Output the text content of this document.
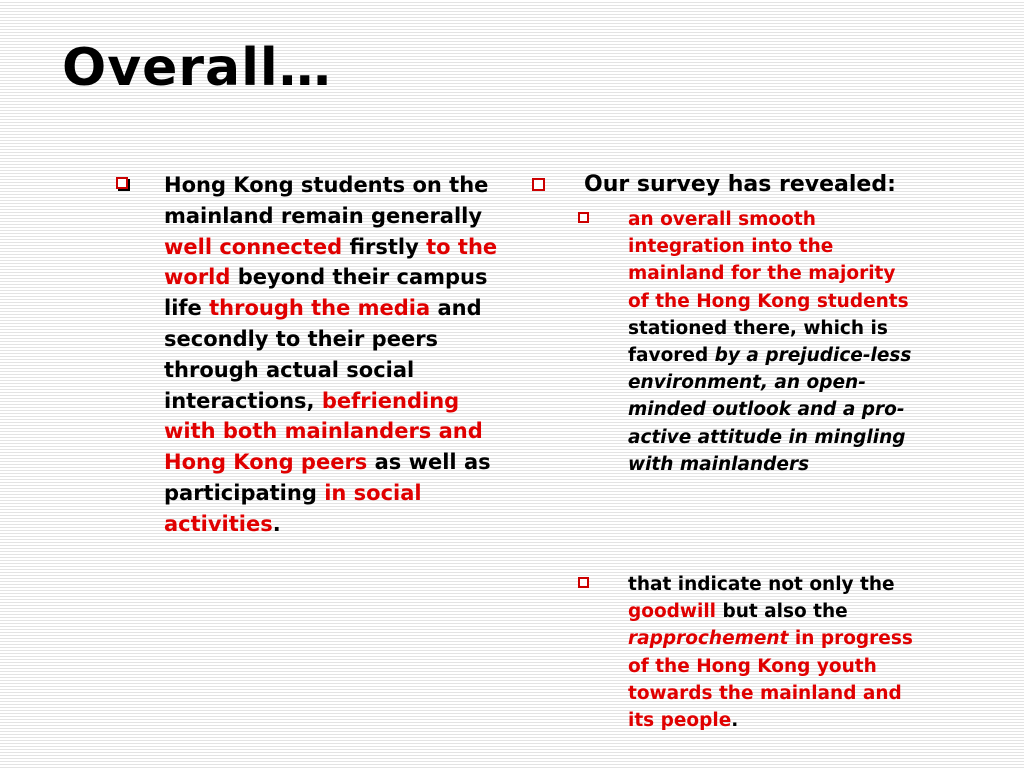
Overall…
Hong Kong students on the mainland remain generally well connected firstly to the world beyond their campus life through the media and secondly to their peers through actual social interactions, befriending with both mainlanders and Hong Kong peers as well as participating in social activities.
Our survey has revealed:
an overall smooth integration into the mainland for the majority of the Hong Kong students stationed there, which is favored by a prejudice-less environment, an open-minded outlook and a pro-active attitude in mingling with mainlanders
that indicate not only the goodwill but also the rapprochement in progress of the Hong Kong youth towards the mainland and its people.
